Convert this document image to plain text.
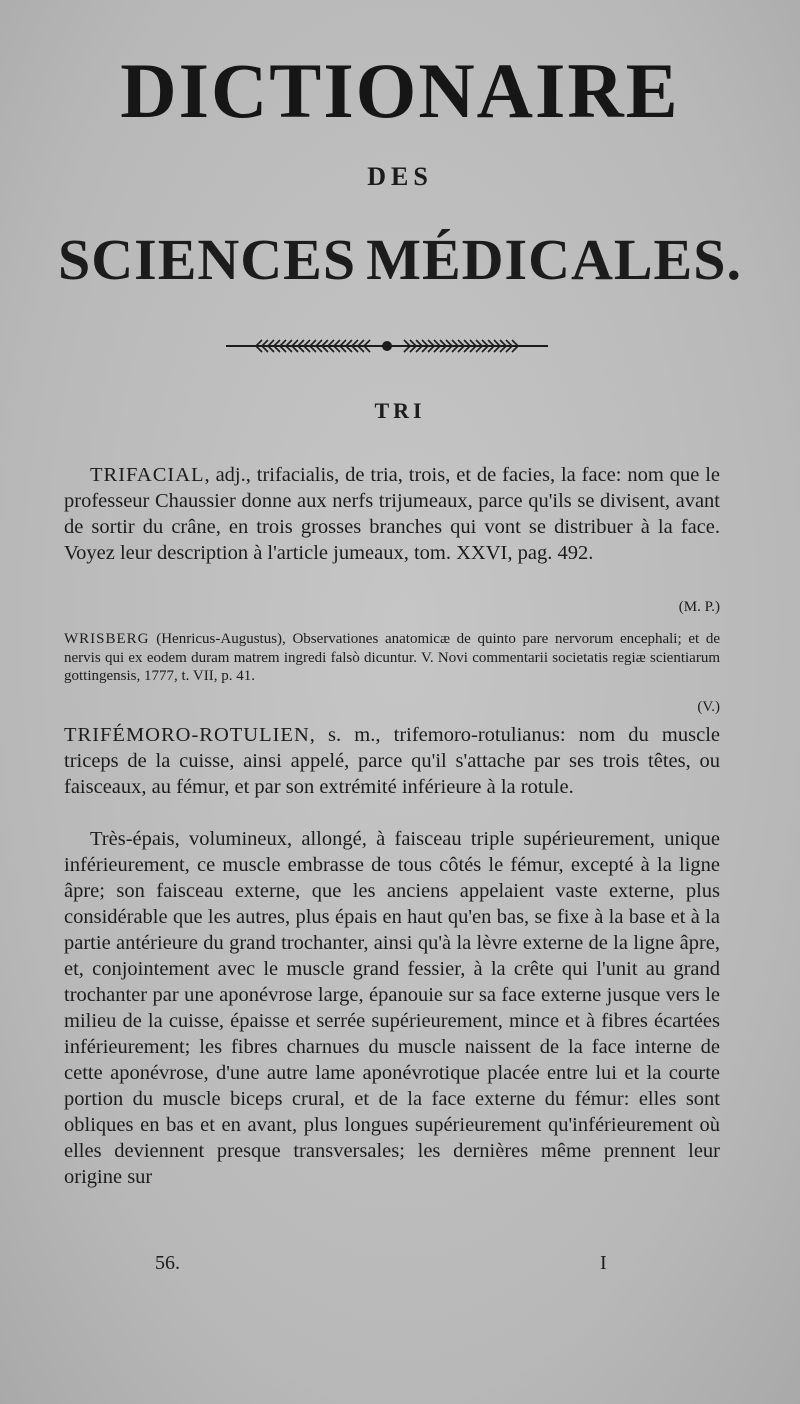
DICTIONAIRE
DES
SCIENCES MÉDICALES.
TRI
TRIFACIAL, adj., trifacialis, de tria, trois, et de facies, la face: nom que le professeur Chaussier donne aux nerfs trijumeaux, parce qu'ils se divisent, avant de sortir du crâne, en trois grosses branches qui vont se distribuer à la face. Voyez leur description à l'article jumeaux, tom. XXVI, pag. 492.
(M. P.)
WRISBERG (Henricus-Augustus), Observationes anatomicæ de quinto pare nervorum encephali; et de nervis qui ex eodem duram matrem ingredi falsò dicuntur. V. Novi commentarii societatis regiæ scientiarum gottingensis, 1777, t. VII, p. 41.
(V.)
TRIFÉMORO-ROTULIEN, s. m., trifemoro-rotulianus: nom du muscle triceps de la cuisse, ainsi appelé, parce qu'il s'attache par ses trois têtes, ou faisceaux, au fémur, et par son extrémité inférieure à la rotule.
Très-épais, volumineux, allongé, à faisceau triple supérieurement, unique inférieurement, ce muscle embrasse de tous côtés le fémur, excepté à la ligne âpre; son faisceau externe, que les anciens appelaient vaste externe, plus considérable que les autres, plus épais en haut qu'en bas, se fixe à la base et à la partie antérieure du grand trochanter, ainsi qu'à la lèvre externe de la ligne âpre, et, conjointement avec le muscle grand fessier, à la crête qui l'unit au grand trochanter par une aponévrose large, épanouie sur sa face externe jusque vers le milieu de la cuisse, épaisse et serrée supérieurement, mince et à fibres écartées inférieurement; les fibres charnues du muscle naissent de la face interne de cette aponévrose, d'une autre lame aponévrotique placée entre lui et la courte portion du muscle biceps crural, et de la face externe du fémur: elles sont obliques en bas et en avant, plus longues supérieurement qu'inférieurement où elles deviennent presque transversales; les dernières même prennent leur origine sur
56.	I
